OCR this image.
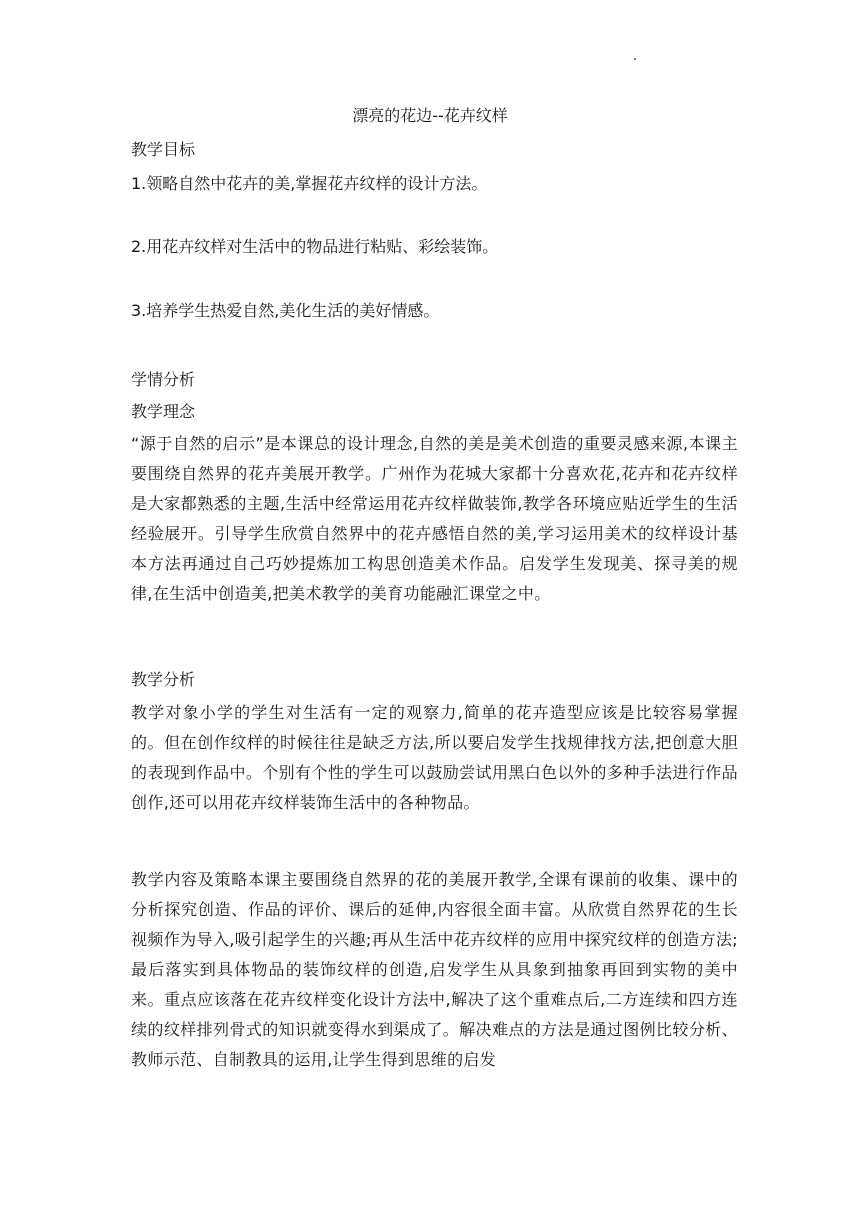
漂亮的花边--花卉纹样
教学目标
1.领略自然中花卉的美,掌握花卉纹样的设计方法。
2.用花卉纹样对生活中的物品进行粘贴、彩绘装饰。
3.培养学生热爱自然,美化生活的美好情感。
学情分析
教学理念

“源于自然的启示”是本课总的设计理念,自然的美是美术创造的重要灵感来源,本课主要围绕自然界的花卉美展开教学。广州作为花城大家都十分喜欢花,花卉和花卉纹样是大家都熟悉的主题,生活中经常运用花卉纹样做装饰,教学各环境应贴近学生的生活经验展开。引导学生欣赏自然界中的花卉感悟自然的美,学习运用美术的纹样设计基本方法再通过自己巧妙提炼加工构思创造美术作品。启发学生发现美、探寻美的规律,在生活中创造美,把美术教学的美育功能融汇课堂之中。

教学分析

教学对象小学的学生对生活有一定的观察力,简单的花卉造型应该是比较容易掌握的。但在创作纹样的时候往往是缺乏方法,所以要启发学生找规律找方法,把创意大胆的表现到作品中。个别有个性的学生可以鼓励尝试用黑白色以外的多种手法进行作品创作,还可以用花卉纹样装饰生活中的各种物品。

教学内容及策略本课主要围绕自然界的花的美展开教学,全课有课前的收集、课中的分析探究创造、作品的评价、课后的延伸,内容很全面丰富。从欣赏自然界花的生长视频作为导入,吸引起学生的兴趣;再从生活中花卉纹样的应用中探究纹样的创造方法;最后落实到具体物品的装饰纹样的创造,启发学生从具象到抽象再回到实物的美中来。重点应该落在花卉纹样变化设计方法中,解决了这个重难点后,二方连续和四方连续的纹样排列骨式的知识就变得水到渠成了。解决难点的方法是通过图例比较分析、教师示范、自制教具的运用,让学生得到思维的启发
